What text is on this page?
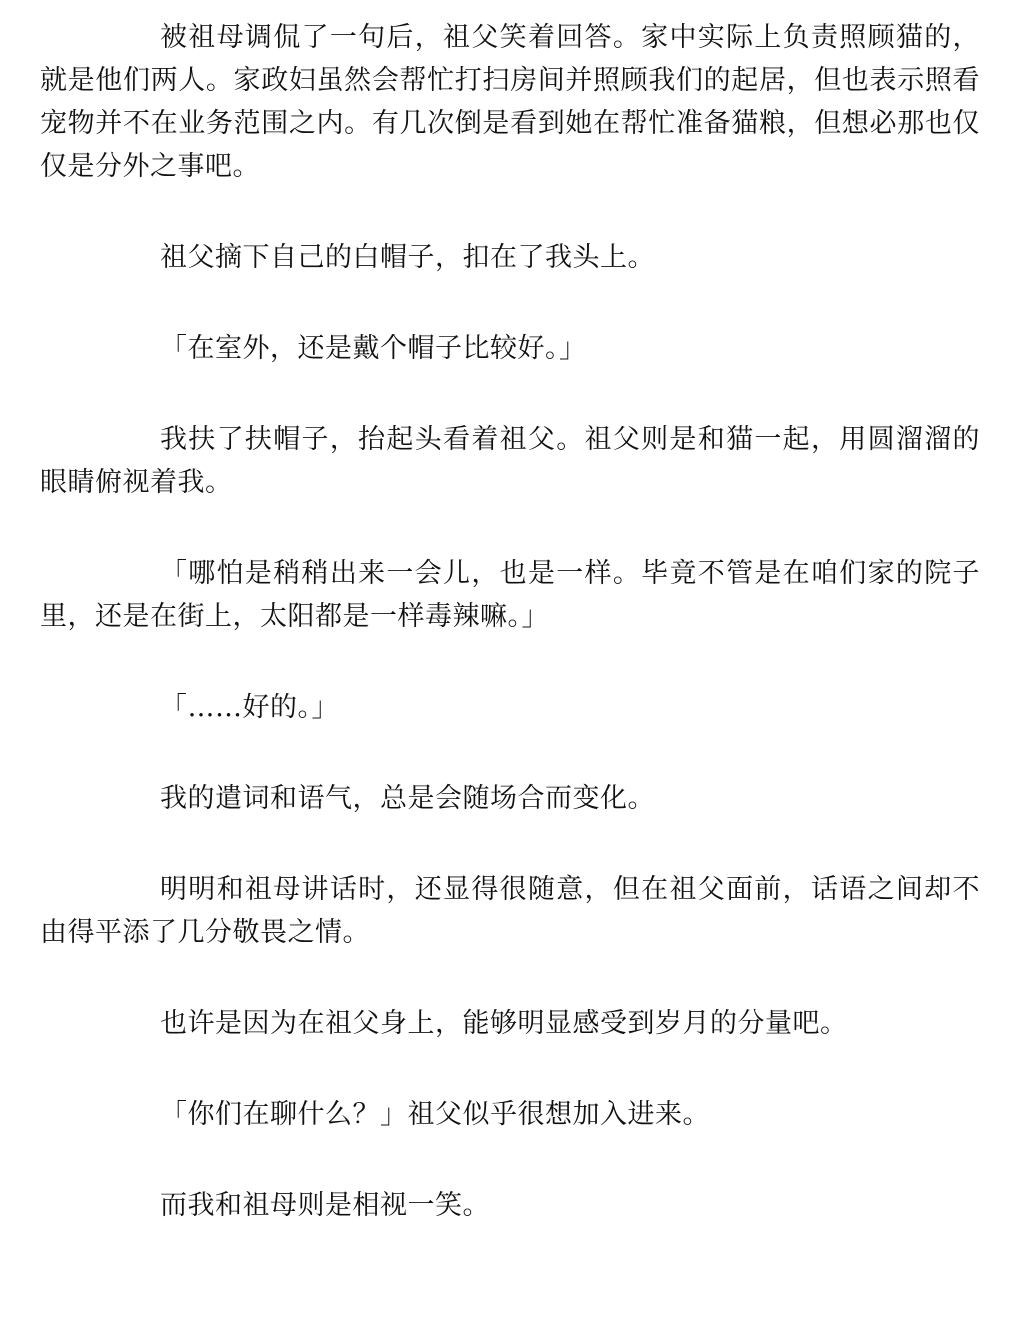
被祖母调侃了一句后，祖父笑着回答。家中实际上负责照顾猫的，就是他们两人。家政妇虽然会帮忙打扫房间并照顾我们的起居，但也表示照看宠物并不在业务范围之内。有几次倒是看到她在帮忙准备猫粮，但想必那也仅仅是分外之事吧。

祖父摘下自己的白帽子，扣在了我头上。

「在室外，还是戴个帽子比较好。」

我扶了扶帽子，抬起头看着祖父。祖父则是和猫一起，用圆溜溜的眼睛俯视着我。

「哪怕是稍稍出来一会儿，也是一样。毕竟不管是在咱们家的院子里，还是在街上，太阳都是一样毒辣嘛。」

「……好的。」

我的遣词和语气，总是会随场合而变化。

明明和祖母讲话时，还显得很随意，但在祖父面前，话语之间却不由得平添了几分敬畏之情。

也许是因为在祖父身上，能够明显感受到岁月的分量吧。

「你们在聊什么？」祖父似乎很想加入进来。

而我和祖母则是相视一笑。
